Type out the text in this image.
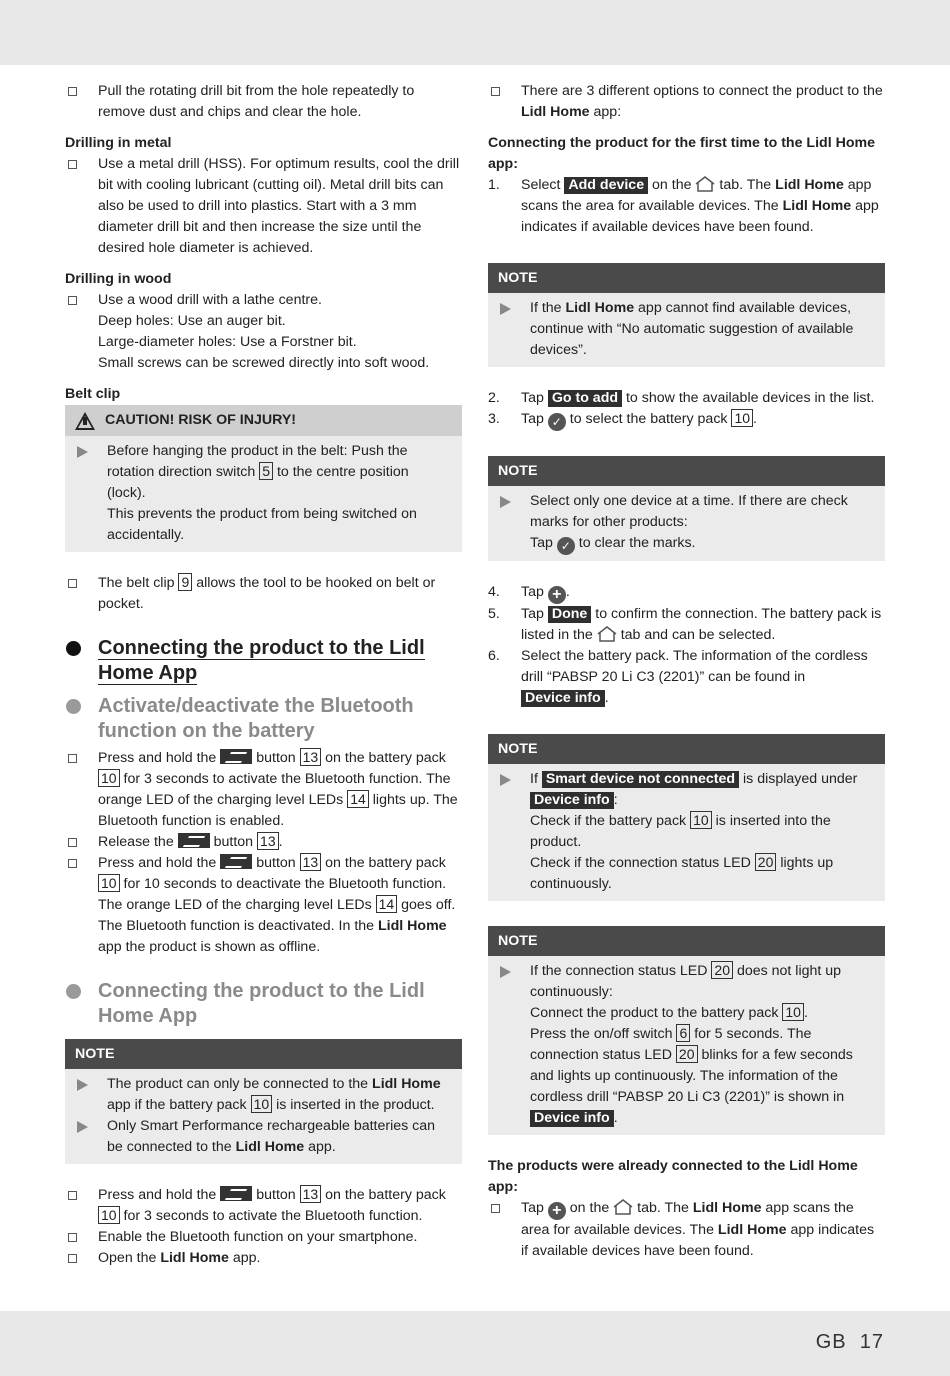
Pull the rotating drill bit from the hole repeatedly to remove dust and chips and clear the hole.
Drilling in metal
Use a metal drill (HSS). For optimum results, cool the drill bit with cooling lubricant (cutting oil). Metal drill bits can also be used to drill into plastics. Start with a 3 mm diameter drill bit and then increase the size until the desired hole diameter is achieved.
Drilling in wood
Use a wood drill with a lathe centre.
Deep holes: Use an auger bit.
Large-diameter holes: Use a Forstner bit.
Small screws can be screwed directly into soft wood.
Belt clip
CAUTION! RISK OF INJURY!
Before hanging the product in the belt: Push the rotation direction switch 5 to the centre position (lock).
This prevents the product from being switched on accidentally.
The belt clip 9 allows the tool to be hooked on belt or pocket.
Connecting the product to the Lidl Home App
Activate/deactivate the Bluetooth function on the battery
Press and hold the	button 13 on the battery pack 10 for 3 seconds to activate the Bluetooth function. The orange LED of the charging level LEDs 14 lights up. The Bluetooth function is enabled.
Release the	button 13 .
Press and hold the	button 13 on the battery pack 10 for 10 seconds to deactivate the Bluetooth function. The orange LED of the charging level LEDs 14 goes off. The Bluetooth function is deactivated. In the Lidl Home app the product is shown as offline.
Connecting the product to the Lidl Home App
NOTE
The product can only be connected to the Lidl Home app if the battery pack 10 is inserted in the product.
Only Smart Performance rechargeable batteries can be connected to the Lidl Home app.
Press and hold the	button 13 on the battery pack 10 for 3 seconds to activate the Bluetooth function.
Enable the Bluetooth function on your smartphone.
Open the Lidl Home app.
There are 3 different options to connect the product to the Lidl Home app:
Connecting the product for the first time to the Lidl Home app:
1. Select Add device on the tab. The Lidl Home app scans the area for available devices. The Lidl Home app indicates if available devices have been found.
NOTE
If the Lidl Home app cannot find available devices, continue with “No automatic suggestion of available devices”.
2. Tap Go to add to show the available devices in the list.
3. Tap ✓ to select the battery pack 10 .
NOTE
Select only one device at a time. If there are check marks for other products:
Tap ✓ to clear the marks.
4. Tap + .
5. Tap Done to confirm the connection. The battery pack is listed in the tab and can be selected.
6. Select the battery pack. The information of the cordless drill “PABSP 20 Li C3 (2201)” can be found in
Device info .
NOTE
If Smart device not connected is displayed under Device info :
Check if the battery pack 10 is inserted into the product.
Check if the connection status LED 20 lights up continuously.
NOTE
If the connection status LED 20 does not light up continuously:
Connect the product to the battery pack 10 .
Press the on/off switch 6 for 5 seconds. The connection status LED 20 blinks for a few seconds and lights up continuously. The information of the cordless drill “PABSP 20 Li C3 (2201)” is shown in
Device info .
The products were already connected to the Lidl Home app:
Tap + on the tab. The Lidl Home app scans the area for available devices. The Lidl Home app indicates if available devices have been found.
GB 17
